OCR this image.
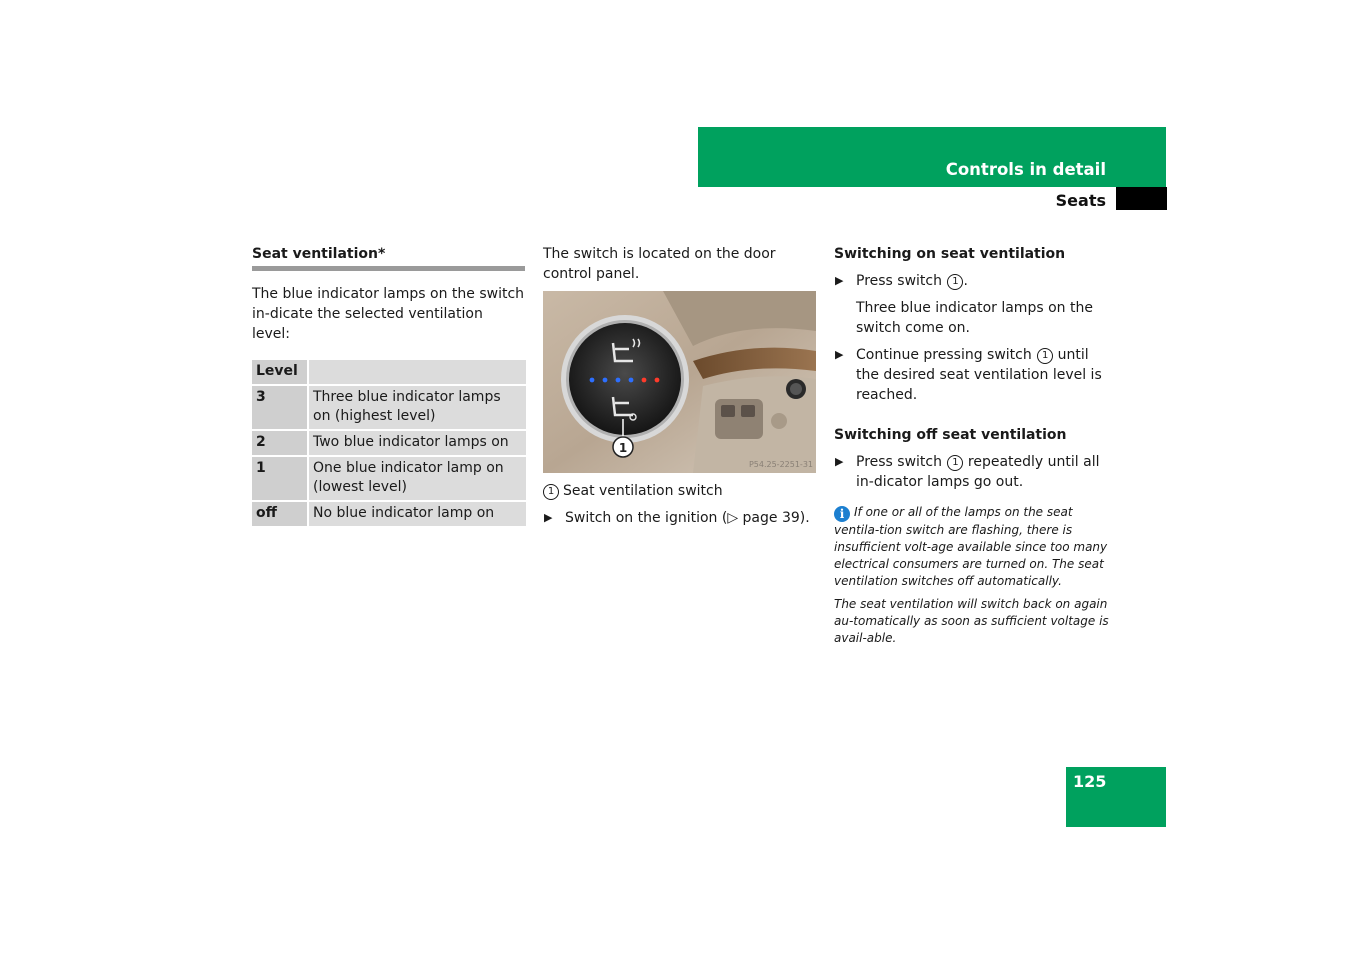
Controls in detail
Seats
Seat ventilation*

The blue indicator lamps on the switch in-dicate the selected ventilation level:

Level		
3		Three blue indicator lamps on (highest level)
2		Two blue indicator lamps on
1		One blue indicator lamp on (lowest level)
off		No blue indicator lamp on

The switch is located on the door control panel.

1
P54.25-2251-31
1 Seat ventilation switch
▶ Switch on the ignition (▷ page 39).
Switching on seat ventilation
▶ Press switch 1 .
Three blue indicator lamps on the switch come on.
▶ Continue pressing switch 1 until the desired seat ventilation level is reached.
Switching off seat ventilation
▶ Press switch 1 repeatedly until all in-dicator lamps go out.
i If one or all of the lamps on the seat ventila-tion switch are flashing, there is insufficient volt-age available since too many electrical consumers are turned on. The seat ventilation switches off automatically.
The seat ventilation will switch back on again au-tomatically as soon as sufficient voltage is avail-able.
125
